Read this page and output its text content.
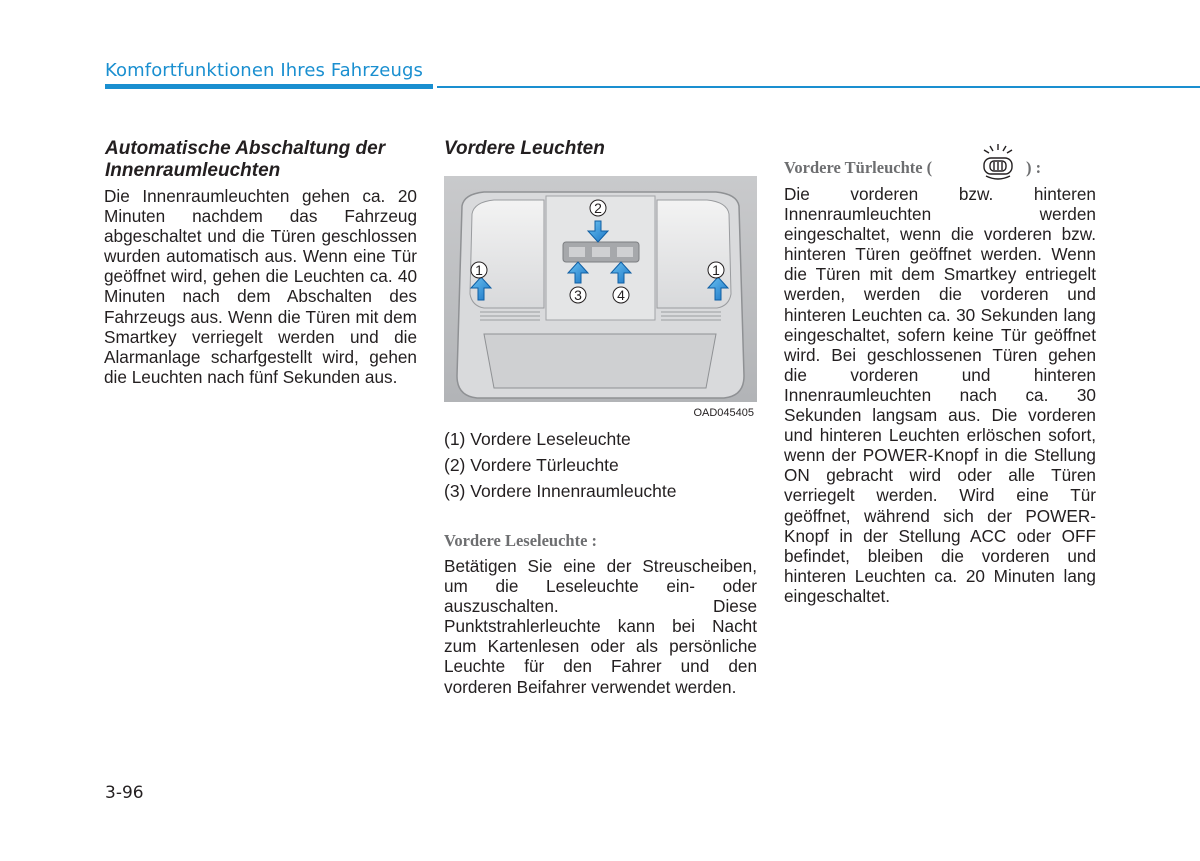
Komfortfunktionen Ihres Fahrzeugs
Automatische Abschaltung der
Innenraumleuchten
Die Innenraumleuchten gehen ca. 20 Minuten nachdem das Fahrzeug abgeschaltet und die Türen geschlossen wurden automatisch aus. Wenn eine Tür geöffnet wird, gehen die Leuchten ca. 40 Minuten nach dem Abschalten des Fahrzeugs aus. Wenn die Türen mit dem Smartkey verriegelt werden und die Alarmanlage scharfgestellt wird, gehen die Leuchten nach fünf Sekunden aus.
Vordere Leuchten
1
2
3	4
1
OAD045405
(1) Vordere Leseleuchte
(2) Vordere Türleuchte
(3) Vordere Innenraumleuchte
Vordere Leseleuchte :
Betätigen Sie eine der Streuscheiben, um die Leseleuchte ein- oder auszuschalten. Diese Punktstrahlerleuchte kann bei Nacht zum Kartenlesen oder als persönliche Leuchte für den Fahrer und den vorderen Beifahrer verwendet werden.
Vordere Türleuchte (	) :
Die vorderen bzw. hinteren Innenraumleuchten werden eingeschaltet, wenn die vorderen bzw. hinteren Türen geöffnet werden. Wenn die Türen mit dem Smartkey entriegelt werden, werden die vorderen und hinteren Leuchten ca. 30 Sekunden lang eingeschaltet, sofern keine Tür geöffnet wird. Bei geschlossenen Türen gehen die vorderen und hinteren Innenraumleuchten nach ca. 30 Sekunden langsam aus. Die vorderen und hinteren Leuchten erlöschen sofort, wenn der POWER-Knopf in die Stellung ON gebracht wird oder alle Türen verriegelt werden. Wird eine Tür geöffnet, während sich der POWER-Knopf in der Stellung ACC oder OFF befindet, bleiben die vorderen und hinteren Leuchten ca. 20 Minuten lang eingeschaltet.
3-96
